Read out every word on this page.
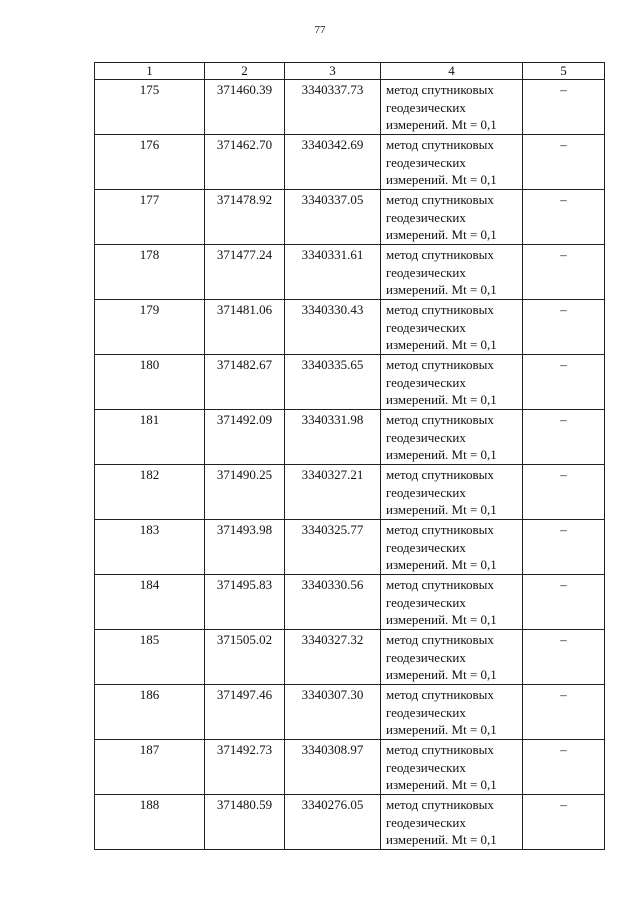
77
1	2	3	4	5
175	371460.39	3340337.73	метод спутниковых
геодезических
измерений. Mt = 0,1	–
176	371462.70	3340342.69	метод спутниковых
геодезических
измерений. Mt = 0,1	–
177	371478.92	3340337.05	метод спутниковых
геодезических
измерений. Mt = 0,1	–
178	371477.24	3340331.61	метод спутниковых
геодезических
измерений. Mt = 0,1	–
179	371481.06	3340330.43	метод спутниковых
геодезических
измерений. Mt = 0,1	–
180	371482.67	3340335.65	метод спутниковых
геодезических
измерений. Mt = 0,1	–
181	371492.09	3340331.98	метод спутниковых
геодезических
измерений. Mt = 0,1	–
182	371490.25	3340327.21	метод спутниковых
геодезических
измерений. Mt = 0,1	–
183	371493.98	3340325.77	метод спутниковых
геодезических
измерений. Mt = 0,1	–
184	371495.83	3340330.56	метод спутниковых
геодезических
измерений. Mt = 0,1	–
185	371505.02	3340327.32	метод спутниковых
геодезических
измерений. Mt = 0,1	–
186	371497.46	3340307.30	метод спутниковых
геодезических
измерений. Mt = 0,1	–
187	371492.73	3340308.97	метод спутниковых
геодезических
измерений. Mt = 0,1	–
188	371480.59	3340276.05	метод спутниковых
геодезических
измерений. Mt = 0,1	–
